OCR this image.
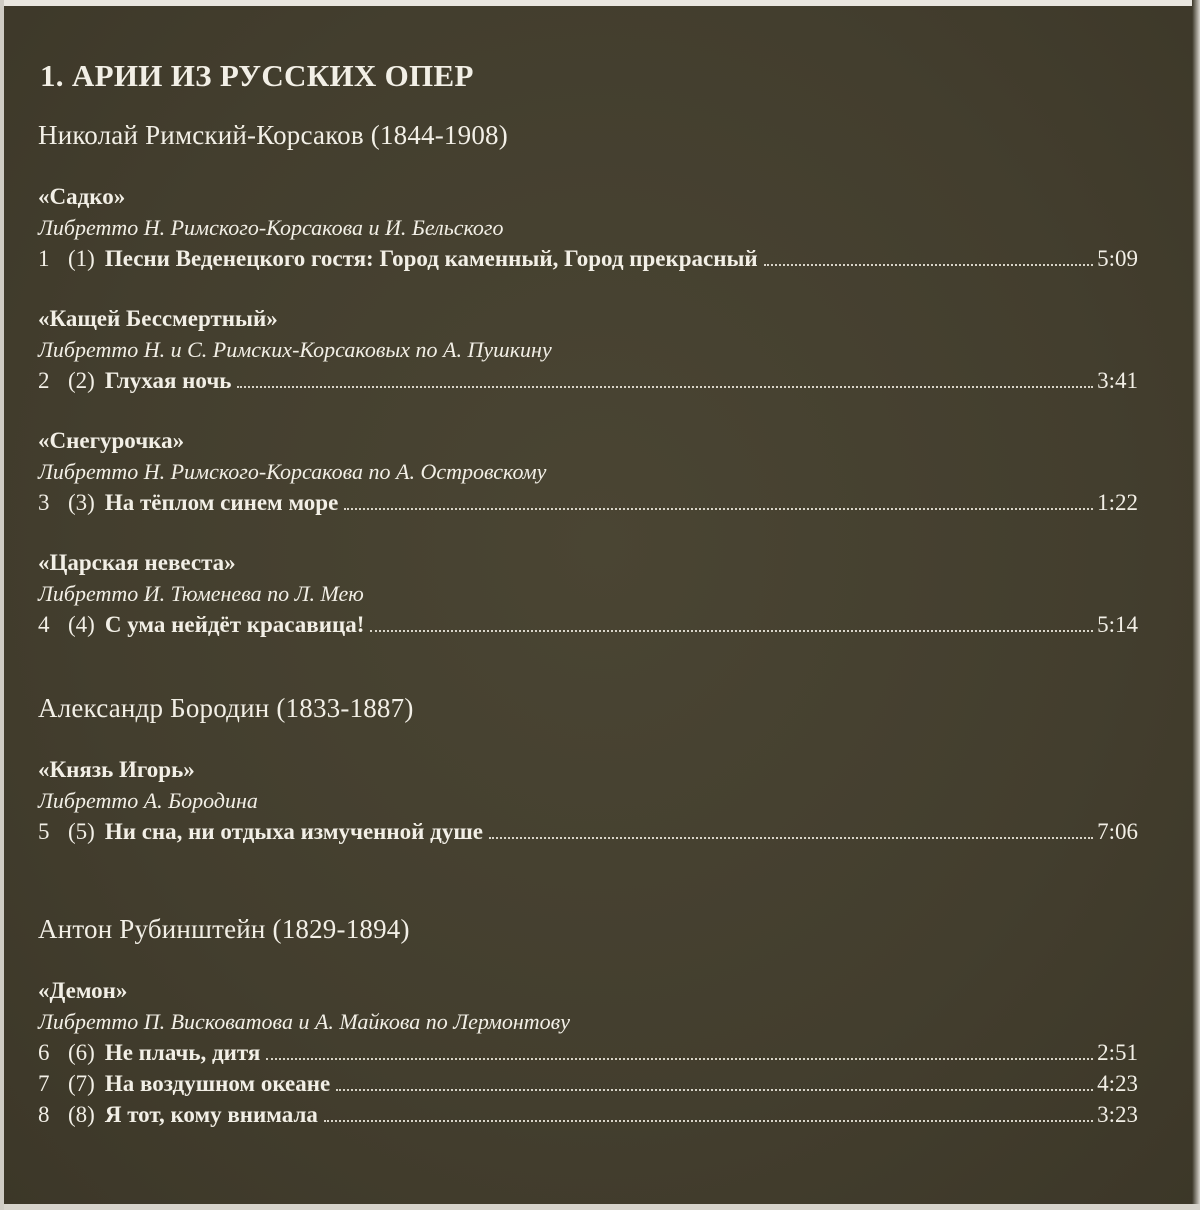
1. АРИИ ИЗ РУССКИХ ОПЕР
Николай Римский-Корсаков (1844-1908)
«Садко»
Либретто Н. Римского-Корсакова и И. Бельского
1 (1) Песни Веденецкого гостя: Город каменный, Город прекрасный	5:09
«Кащей Бессмертный»
Либретто Н. и С. Римских-Корсаковых по А. Пушкину
2 (2) Глухая ночь	3:41
«Снегурочка»
Либретто Н. Римского-Корсакова по А. Островскому
3 (3) На тёплом синем море	1:22
«Царская невеста»
Либретто И. Тюменева по Л. Мею
4 (4) С ума нейдёт красавица!	5:14
Александр Бородин (1833-1887)
«Князь Игорь»
Либретто А. Бородина
5 (5) Ни сна, ни отдыха измученной душе	7:06
Антон Рубинштейн (1829-1894)
«Демон»
Либретто П. Висковатова и А. Майкова по Лермонтову
6 (6) Не плачь, дитя	2:51
7 (7) На воздушном океане	4:23
8 (8) Я тот, кому внимала	3:23
